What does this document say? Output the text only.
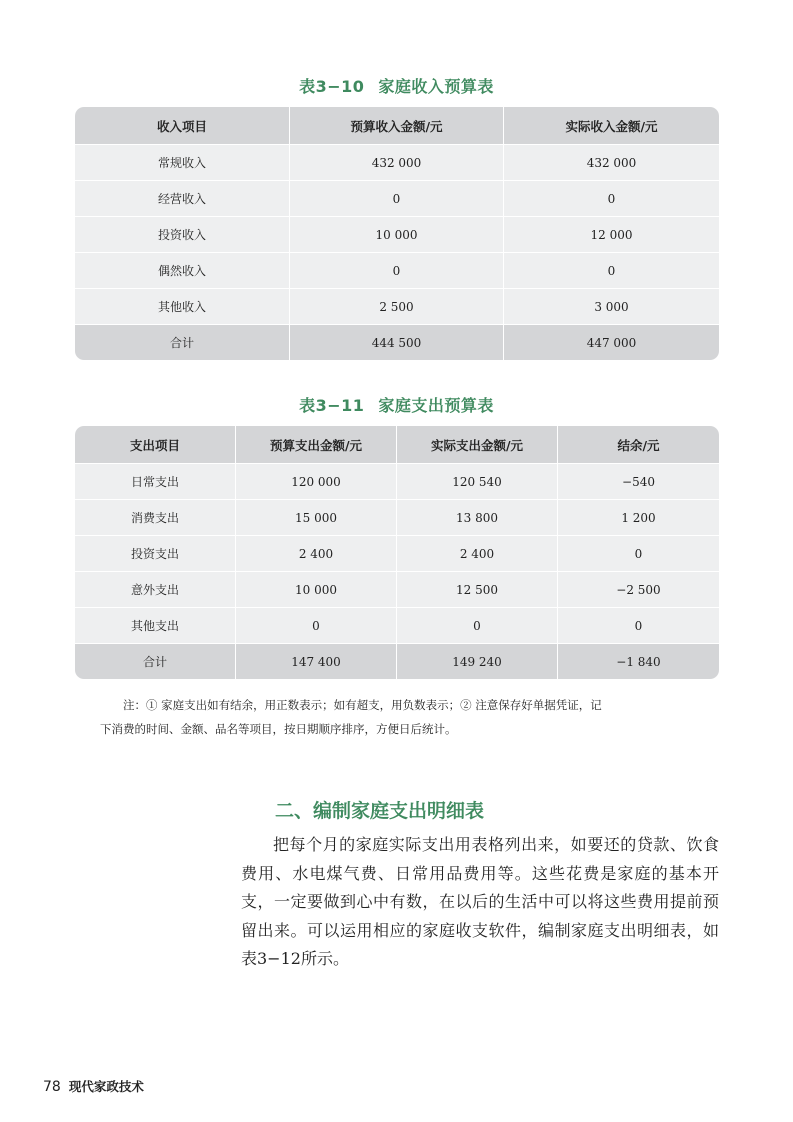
表3−10 家庭收入预算表
收入项目	预算收入金额/元	实际收入金额/元
常规收入	432 000	432 000
经营收入	0	0
投资收入	10 000	12 000
偶然收入	0	0
其他收入	2 500	3 000
合计	444 500	447 000
表3−11 家庭支出预算表
支出项目	预算支出金额/元	实际支出金额/元	结余/元
日常支出	120 000	120 540	−540
消费支出	15 000	13 800	1 200
投资支出	2 400	2 400	0
意外支出	10 000	12 500	−2 500
其他支出	0	0	0
合计	147 400	149 240	−1 840

注：① 家庭支出如有结余，用正数表示；如有超支，用负数表示；② 注意保存好单据凭证，记

下消费的时间、金额、品名等项目，按日期顺序排序，方便日后统计。

二、编制家庭支出明细表

把每个月的家庭实际支出用表格列出来，如要还的贷款、饮食费用、水电煤气费、日常用品费用等。这些花费是家庭的基本开支，一定要做到心中有数，在以后的生活中可以将这些费用提前预留出来。可以运用相应的家庭收支软件，编制家庭支出明细表，如表3−12所示。

78 现代家政技术
